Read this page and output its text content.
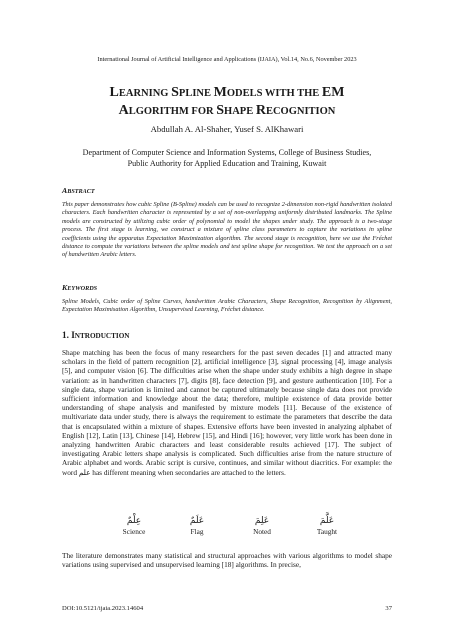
International Journal of Artificial Intelligence and Applications (IJAIA), Vol.14, No.6, November 2023
LEARNING SPLINE MODELS WITH THE EM
ALGORITHM FOR SHAPE RECOGNITION
Abdullah A. Al-Shaher, Yusef S. AlKhawari
Department of Computer Science and Information Systems, College of Business Studies,
Public Authority for Applied Education and Training, Kuwait
ABSTRACT
This paper demonstrates how cubic Spline (B-Spline) models can be used to recognize 2-dimension non-rigid handwritten isolated characters. Each handwritten character is represented by a set of non-overlapping uniformly distributed landmarks. The Spline models are constructed by utilizing cubic order of polynomial to model the shapes under study. The approach is a two-stage process. The first stage is learning, we construct a mixture of spline class parameters to capture the variations in spline coefficients using the apparatus Expectation Maximization algorithm. The second stage is recognition, here we use the Fréchet distance to compute the variations between the spline models and test spline shape for recognition. We test the approach on a set of handwritten Arabic letters.
KEYWORDS
Spline Models, Cubic order of Spline Curves, handwritten Arabic Characters, Shape Recognition, Recognition by Alignment, Expectation Maximisation Algorithm, Unsupervised Learning, Fréchet distance.
1. INTRODUCTION
Shape matching has been the focus of many researchers for the past seven decades [1] and attracted many scholars in the field of pattern recognition [2], artificial intelligence [3], signal processing [4], image analysis [5], and computer vision [6]. The difficulties arise when the shape under study exhibits a high degree in shape variation: as in handwritten characters [7], digits [8], face detection [9], and gesture authentication [10]. For a single data, shape variation is limited and cannot be captured ultimately because single data does not provide sufficient information and knowledge about the data; therefore, multiple existence of data provide better understanding of shape analysis and manifested by mixture models [11]. Because of the existence of multivariate data under study, there is always the requirement to estimate the parameters that describe the data that is encapsulated within a mixture of shapes. Extensive efforts have been invested in analyzing alphabet of English [12], Latin [13], Chinese [14], Hebrew [15], and Hindi [16]; however, very little work has been done in analyzing handwritten Arabic characters and least considerable results achieved [17]. The subject of investigating Arabic letters shape analysis is complicated. Such difficulties arise from the nature structure of Arabic alphabet and words. Arabic script is cursive, continues, and similar without diacritics. For example: the word علم has different meaning when secondaries are attached to the letters.
عِلْمٌ
Science
عَلَمٌ
Flag
عَلِمَ
Noted
عَلَّمَ
Taught
The literature demonstrates many statistical and structural approaches with various algorithms to model shape variations using supervised and unsupervised learning [18] algorithms. In precise,
DOI:10.5121/ijaia.2023.14604	37
